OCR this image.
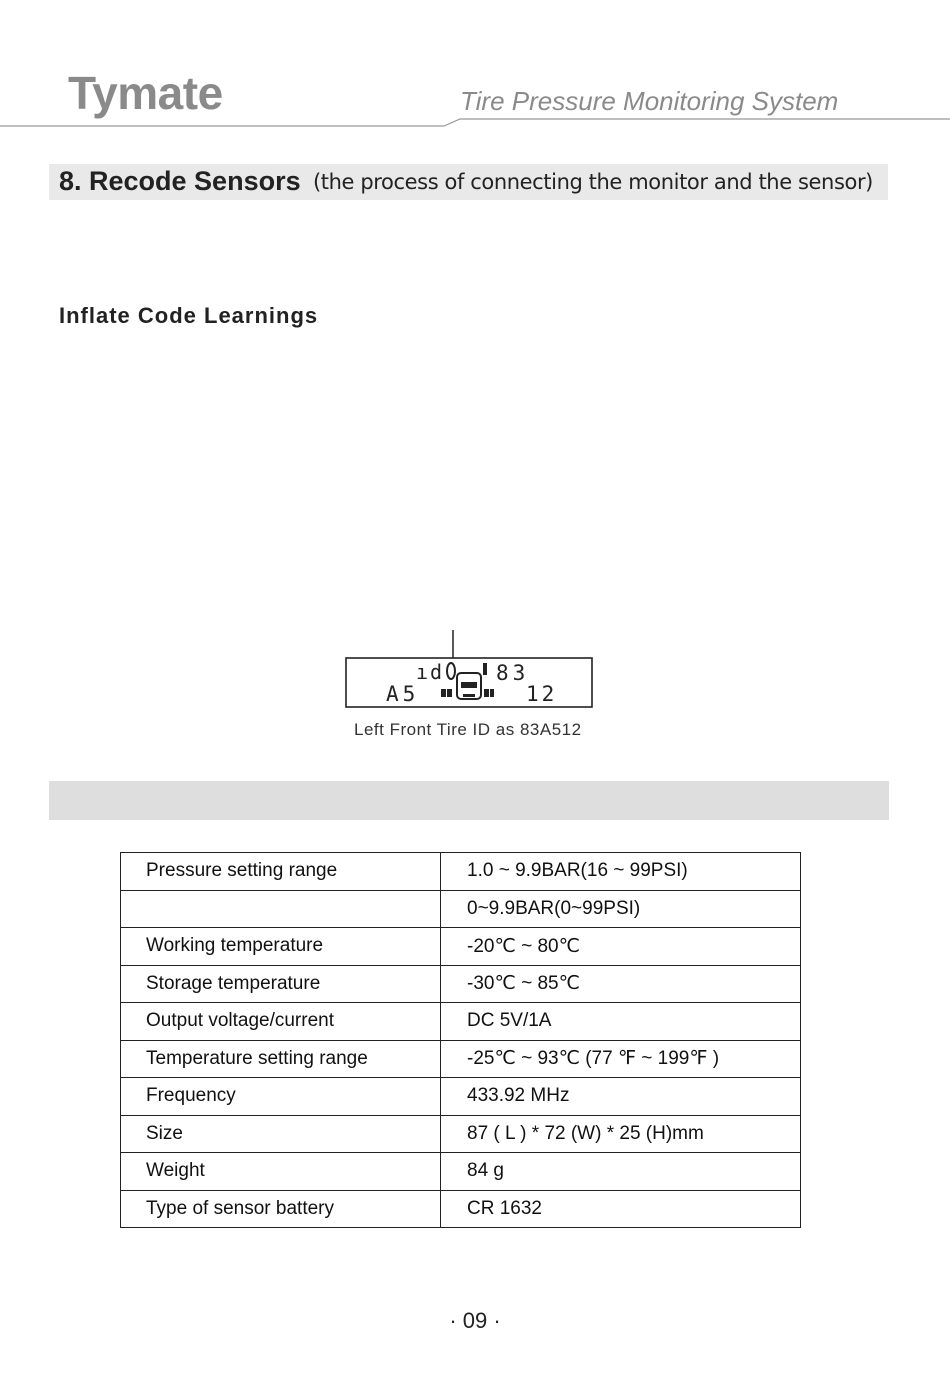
Tymate	Tire Pressure Monitoring System
8. Recode Sensors (the process of connecting the monitor and the sensor)
Inflate Code Learnings
ıd 83
A5	12
Left Front Tire ID as 83A512
Pressure setting range	1.0 ~ 9.9BAR(16 ~ 99PSI)
	0~9.9BAR(0~99PSI)
Working temperature	-20℃ ~ 80℃
Storage temperature	-30℃ ~ 85℃
Output voltage/current	DC 5V/1A
Temperature setting range	-25℃ ~ 93℃ (77 ℉ ~ 199℉ )
Frequency	433.92 MHz
Size	87 ( L ) * 72 (W) * 25 (H)mm
Weight	84 g
Type of sensor battery	CR 1632
· 09 ·
